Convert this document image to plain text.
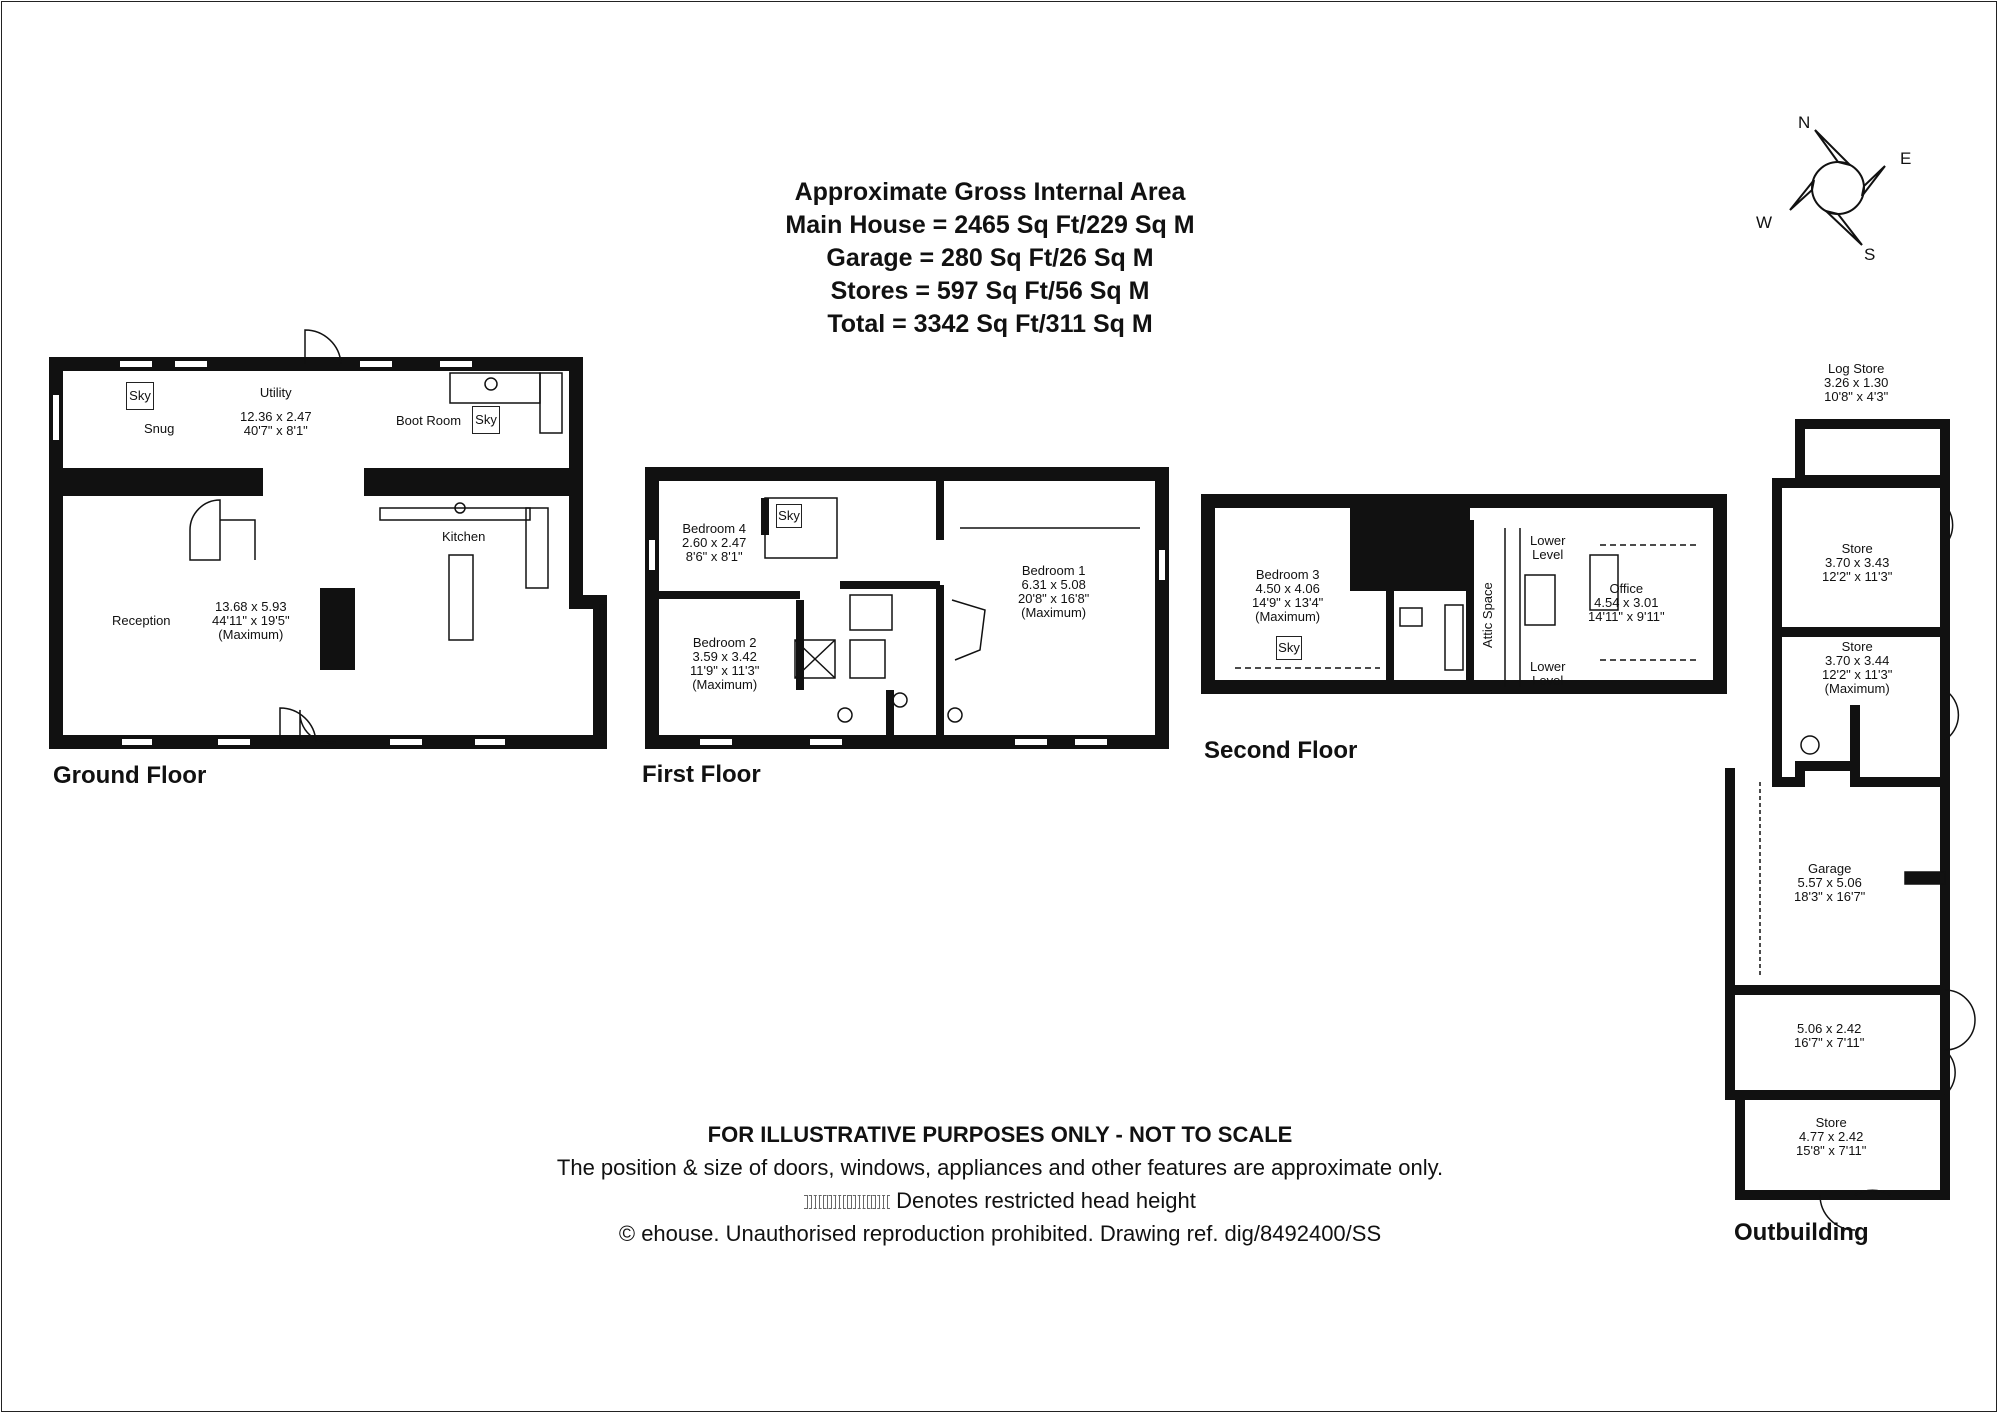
Approximate Gross Internal Area
Main House = 2465 Sq Ft/229 Sq M
Garage = 280 Sq Ft/26 Sq M
Stores = 597 Sq Ft/56 Sq M
Total = 3342 Sq Ft/311 Sq M
N
E
S
W
Sky
Sky
Snug
Utility
12.36 x 2.47
40'7" x 8'1"
Boot Room
Kitchen
Reception
13.68 x 5.93
44'11" x 19'5"
(Maximum)
Ground Floor
Sky
Bedroom 4
2.60 x 2.47
8'6" x 8'1"
Bedroom 2
3.59 x 3.42
11'9" x 11'3"
(Maximum)
Bedroom 1
6.31 x 5.08
20'8" x 16'8"
(Maximum)
First Floor
Sky
Bedroom 3
4.50 x 4.06
14'9" x 13'4"
(Maximum)	Attic Space
Lower
Level
Lower
Level
Office
4.54 x 3.01
14'11" x 9'11"
Second Floor
Log Store
3.26 x 1.30
10'8" x 4'3"
Store
3.70 x 3.43
12'2" x 11'3"
Store
3.70 x 3.44
12'2" x 11'3"
(Maximum)
Garage
5.57 x 5.06
18'3" x 16'7"
5.06 x 2.42
16'7" x 7'11"
Store
4.77 x 2.42
15'8" x 7'11"
Outbuilding
FOR ILLUSTRATIVE PURPOSES ONLY - NOT TO SCALE
The position & size of doors, windows, appliances and other features are approximate only.
Denotes restricted head height
© ehouse. Unauthorised reproduction prohibited. Drawing ref. dig/8492400/SS
